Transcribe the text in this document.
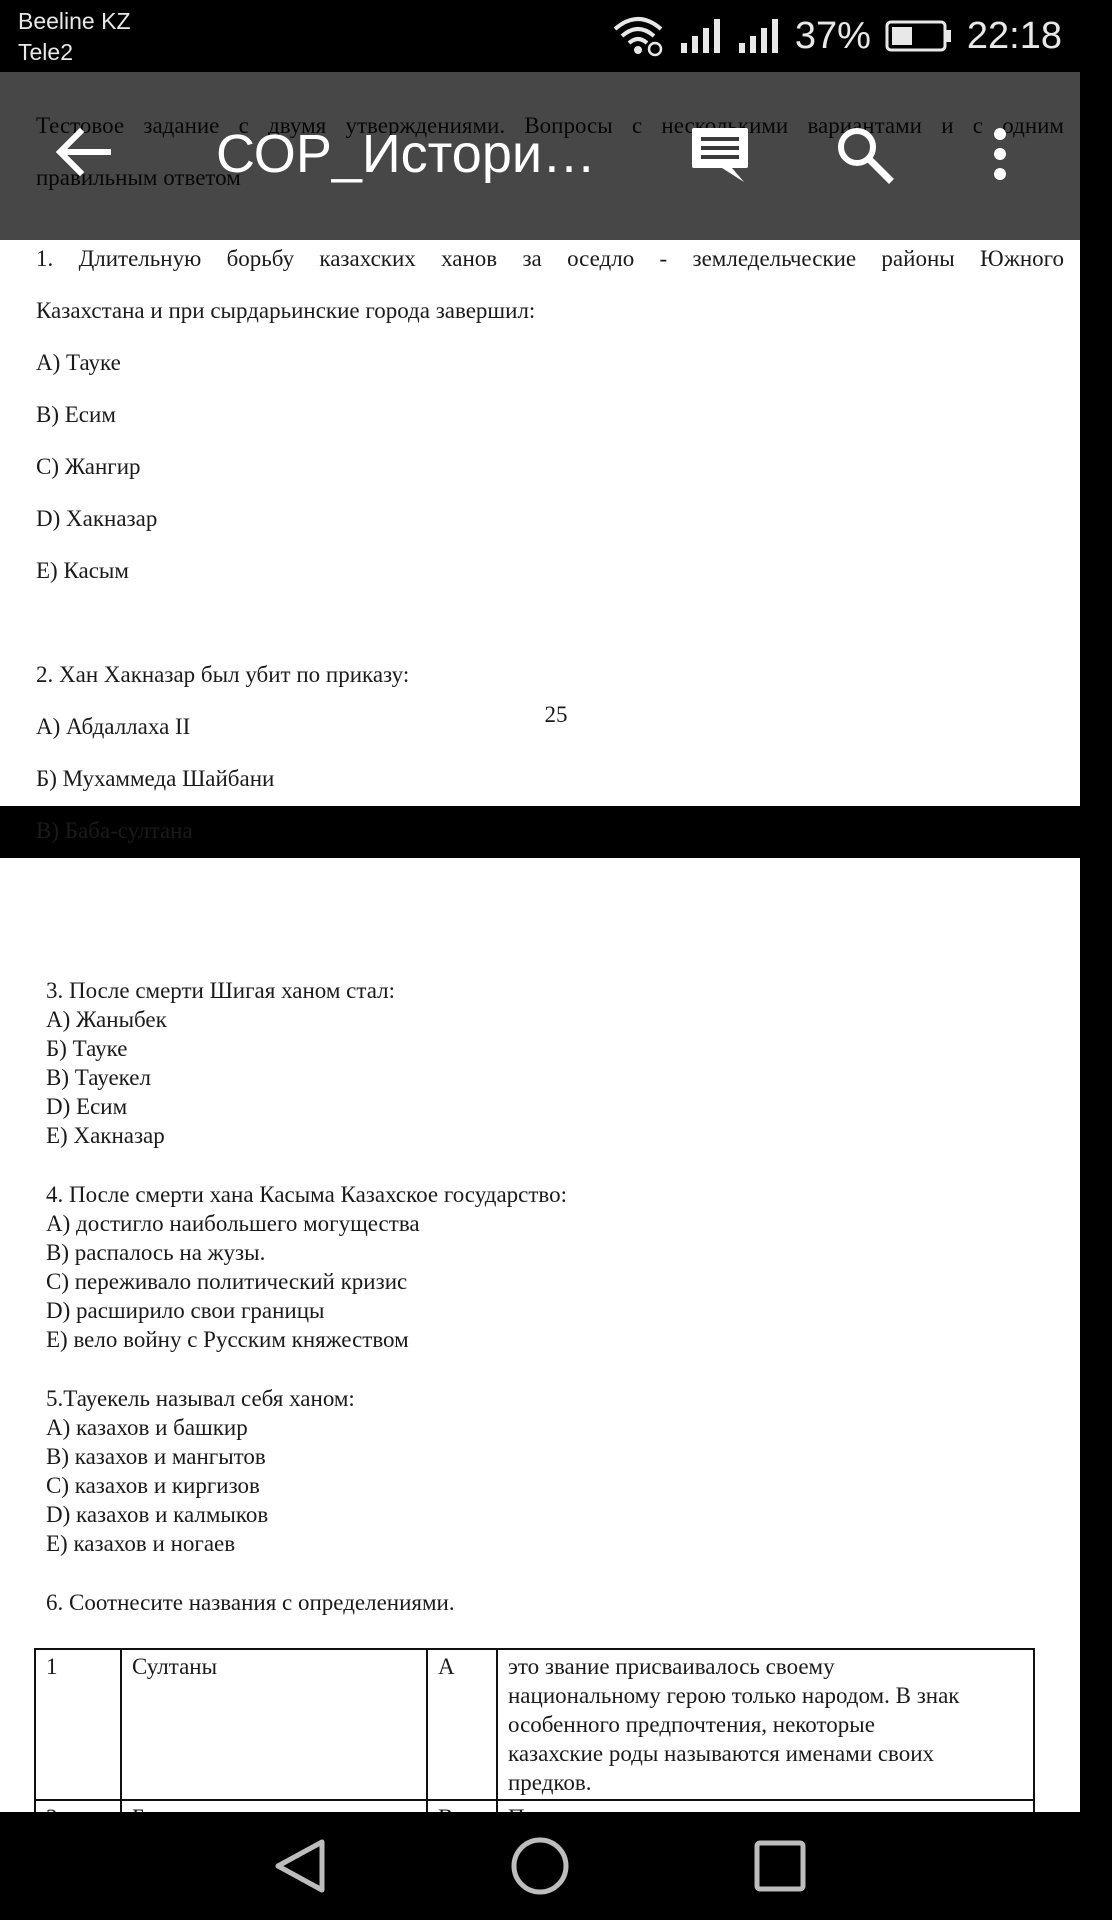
Beeline KZ
Tele2	37%	22:18

1. Длительную борьбу казахских ханов за оседло - земледельческие районы Южного

Казахстана и при сырдарьинские города завершил:

A) Тауке

B) Есим

C) Жангир

D) Хакназар

E) Касым

2. Хан Хакназар был убит по приказу:

A) Абдаллаха II

Б) Мухаммеда Шайбани

В) Баба-султана

25

3. После смерти Шигая ханом стал:

A) Жаныбек

Б) Тауке

В) Тауекел

D) Есим

E) Хакназар

4. После смерти хана Касыма Казахское государство:

A) достигло наибольшего могущества

B) распалось на жузы.

C) переживало политический кризис

D) расширило свои границы

E) вело войну с Русским княжеством

5.Тауекель называл себя ханом:

A) казахов и башкир

B) казахов и мангытов

C) казахов и киргизов

D) казахов и калмыков

E) казахов и ногаев

6. Соотнесите названия с определениями.

1	Султаны	A	это звание присваивалось своему
национальному герою только народом. В знак
особенного предпочтения, некоторые
казахские роды называются именами своих
предков.

СОР_Истори…
